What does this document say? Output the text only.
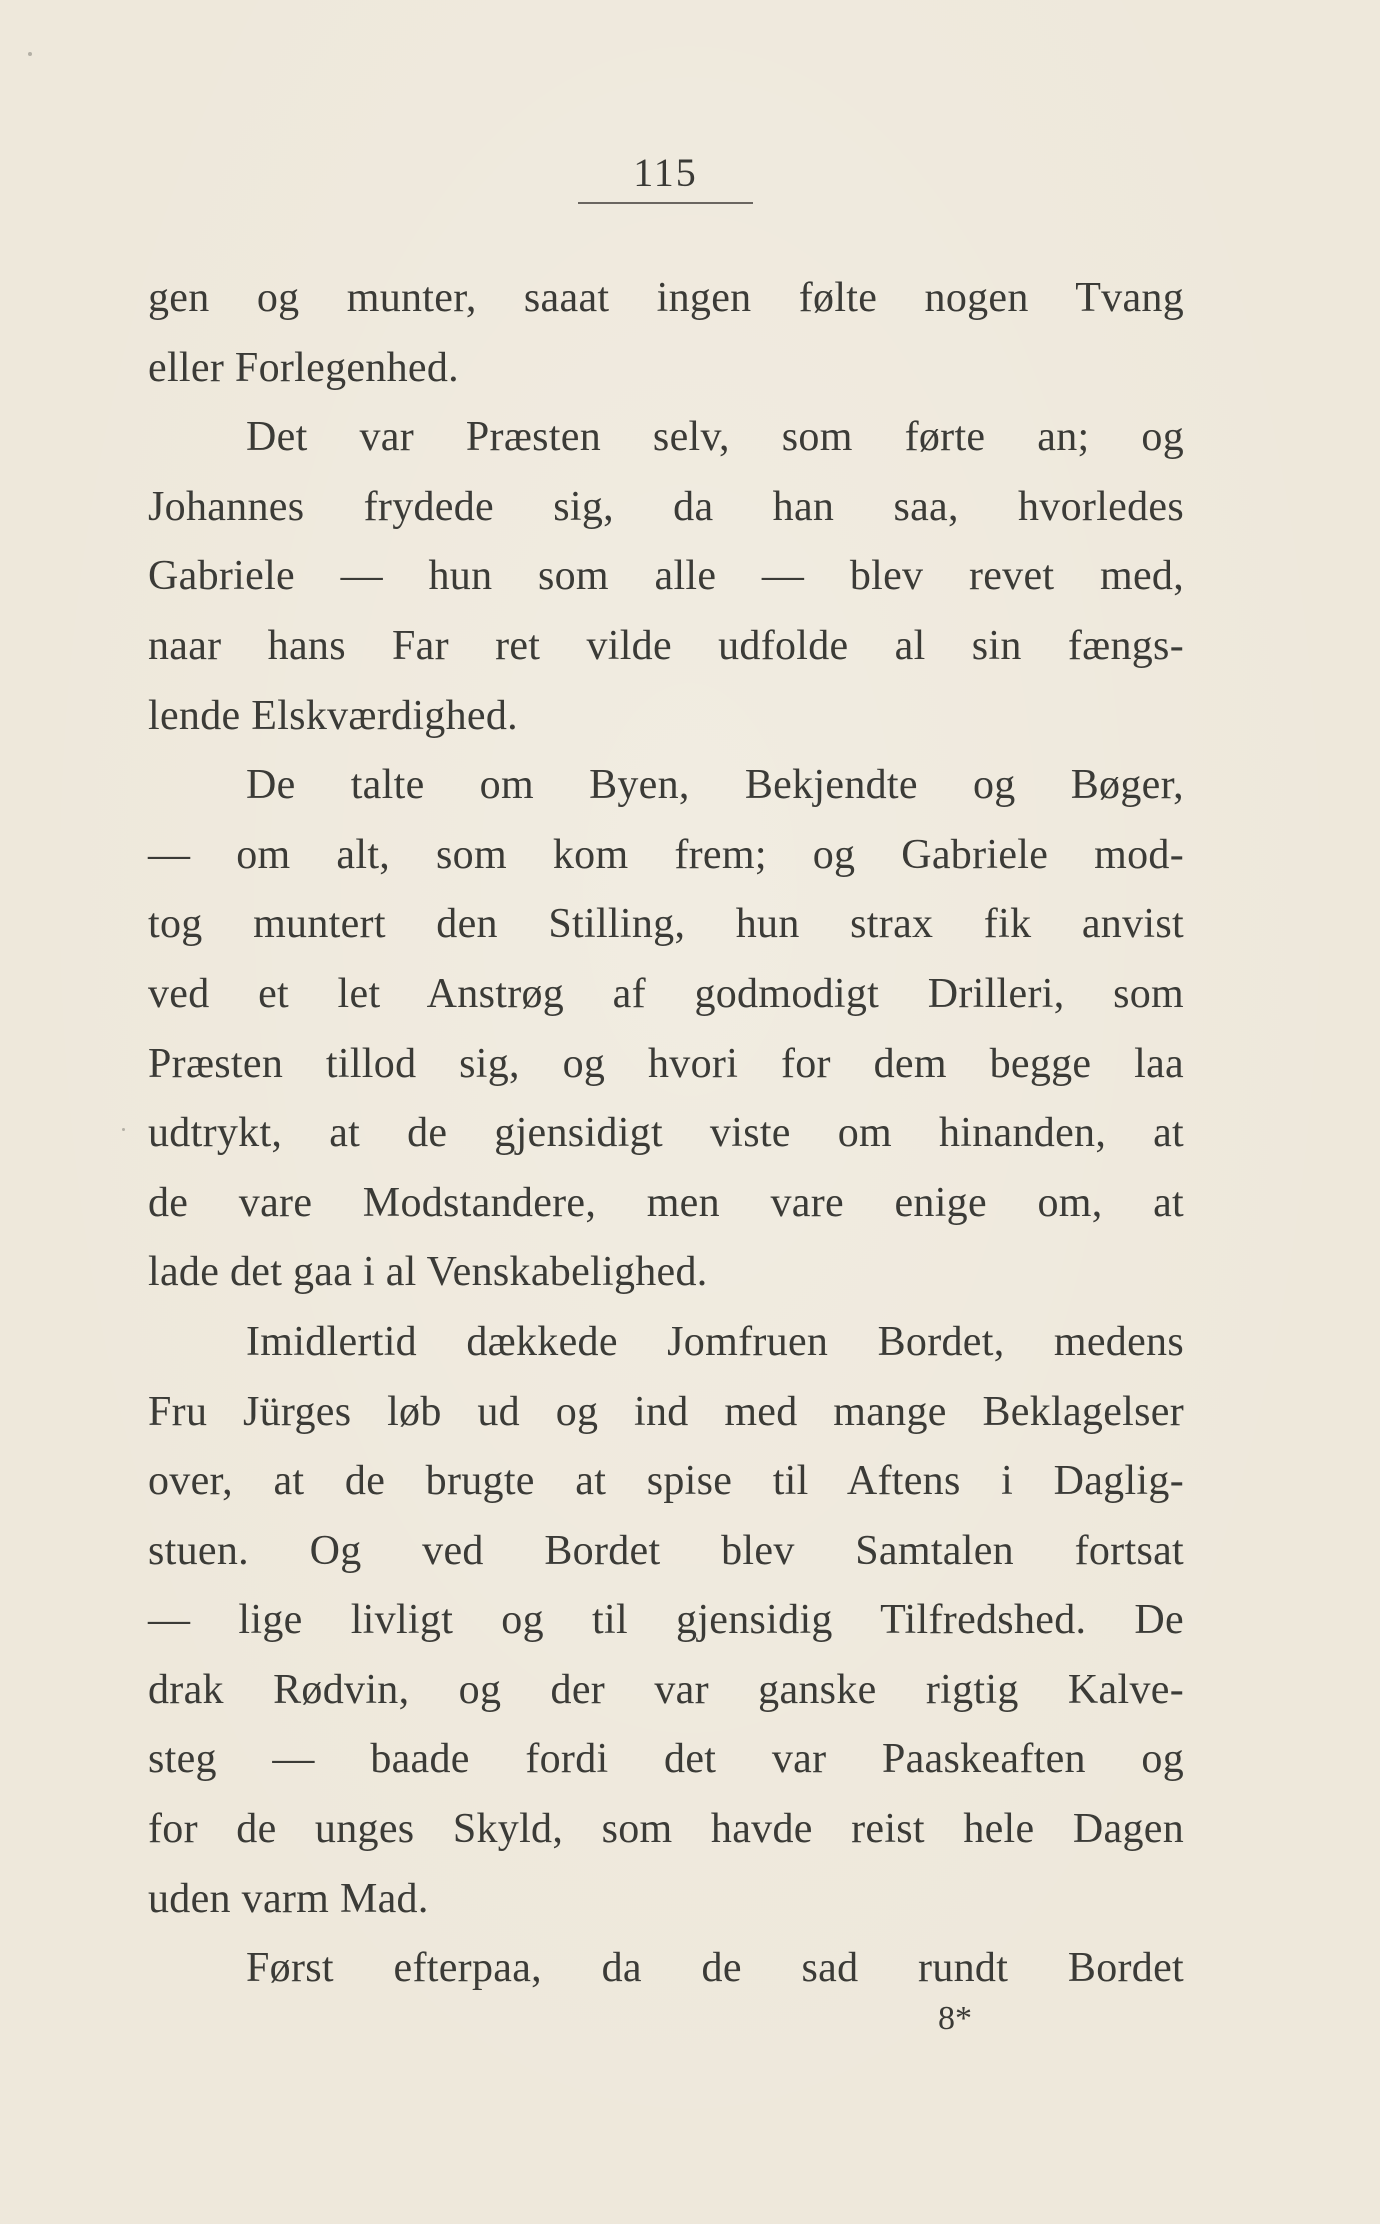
115
gen og munter, saaat ingen følte nogen Tvang
eller Forlegenhed.
Det var Præsten selv, som førte an; og
Johannes frydede sig, da han saa, hvorledes
Gabriele — hun som alle — blev revet med,
naar hans Far ret vilde udfolde al sin fængs-
lende Elskværdighed.
De talte om Byen, Bekjendte og Bøger,
— om alt, som kom frem; og Gabriele mod-
tog muntert den Stilling, hun strax fik anvist
ved et let Anstrøg af godmodigt Drilleri, som
Præsten tillod sig, og hvori for dem begge laa
udtrykt, at de gjensidigt viste om hinanden, at
de vare Modstandere, men vare enige om, at
lade det gaa i al Venskabelighed.
Imidlertid dækkede Jomfruen Bordet, medens
Fru Jürges løb ud og ind med mange Beklagelser
over, at de brugte at spise til Aftens i Daglig-
stuen. Og ved Bordet blev Samtalen fortsat
— lige livligt og til gjensidig Tilfredshed. De
drak Rødvin, og der var ganske rigtig Kalve-
steg — baade fordi det var Paaskeaften og
for de unges Skyld, som havde reist hele Dagen
uden varm Mad.
Først efterpaa, da de sad rundt Bordet
8*
